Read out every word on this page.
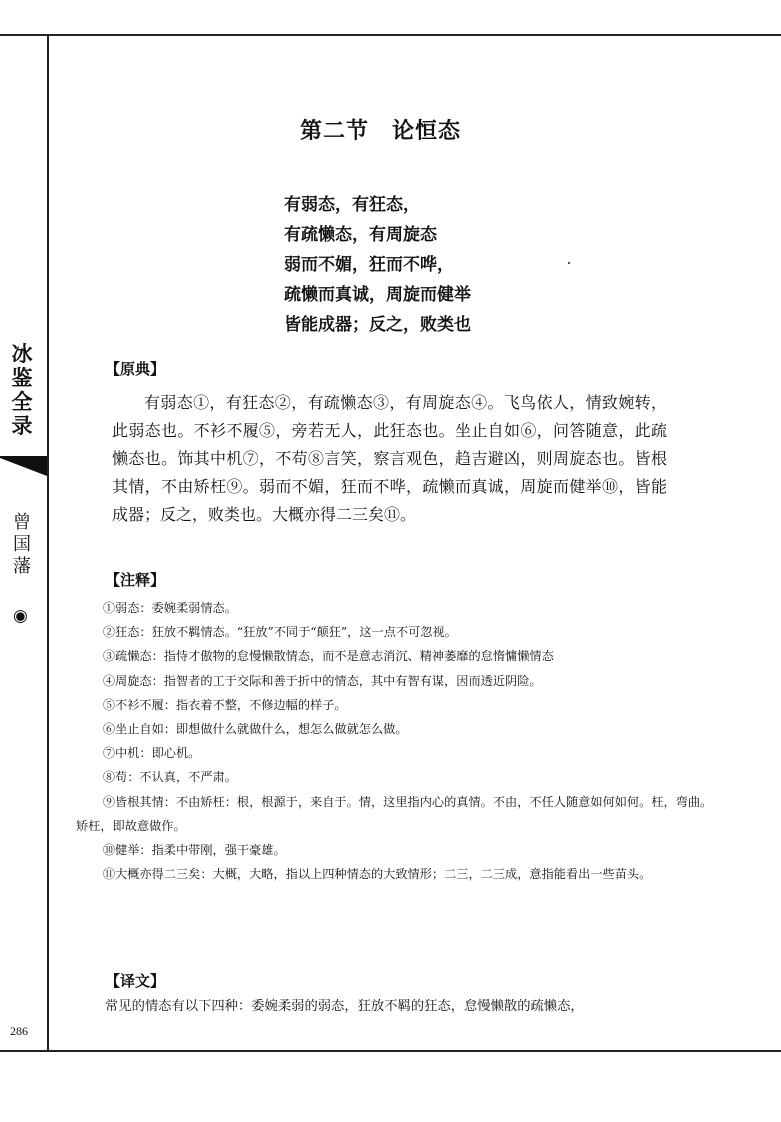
冰
鉴
全
录
曾
国
藩
◉
286
第二节　论恒态
有弱态，有狂态，
有疏懒态，有周旋态
弱而不媚，狂而不哗，
疏懒而真诚，周旋而健举
皆能成器；反之，败类也
【原典】

有弱态①，有狂态②，有疏懒态③，有周旋态④。飞鸟依人，情致婉转，此弱态也。不衫不履⑤，旁若无人，此狂态也。坐止自如⑥，问答随意，此疏懒态也。饰其中机⑦，不苟⑧言笑，察言观色，趋吉避凶，则周旋态也。皆根其情，不由矫枉⑨。弱而不媚，狂而不哗，疏懒而真诚，周旋而健举⑩，皆能成器；反之，败类也。大概亦得二三矣⑪。

【注释】
①弱态：委婉柔弱情态。
②狂态：狂放不羁情态。“狂放”不同于“颠狂”，这一点不可忽视。
③疏懒态：指恃才傲物的怠慢懒散情态，而不是意志消沉、精神萎靡的怠惰慵懒情态
④周旋态：指智者的工于交际和善于折中的情态，其中有智有谋，因而透近阴险。
⑤不衫不履：指衣着不整，不修边幅的样子。
⑥坐止自如：即想做什么就做什么，想怎么做就怎么做。
⑦中机：即心机。
⑧苟：不认真，不严肃。
⑨皆根其情：不由矫枉：根，根源于，来自于。情，这里指内心的真情。不由，不任人随意如何如何。枉，弯曲。矫枉，即故意做作。
⑩健举：指柔中带刚，强干豪雄。
⑪大概亦得二三矣：大概，大略，指以上四种情态的大致情形；二三，二三成，意指能看出一些苗头。
【译文】
常见的情态有以下四种：委婉柔弱的弱态，狂放不羁的狂态，怠慢懒散的疏懒态，
